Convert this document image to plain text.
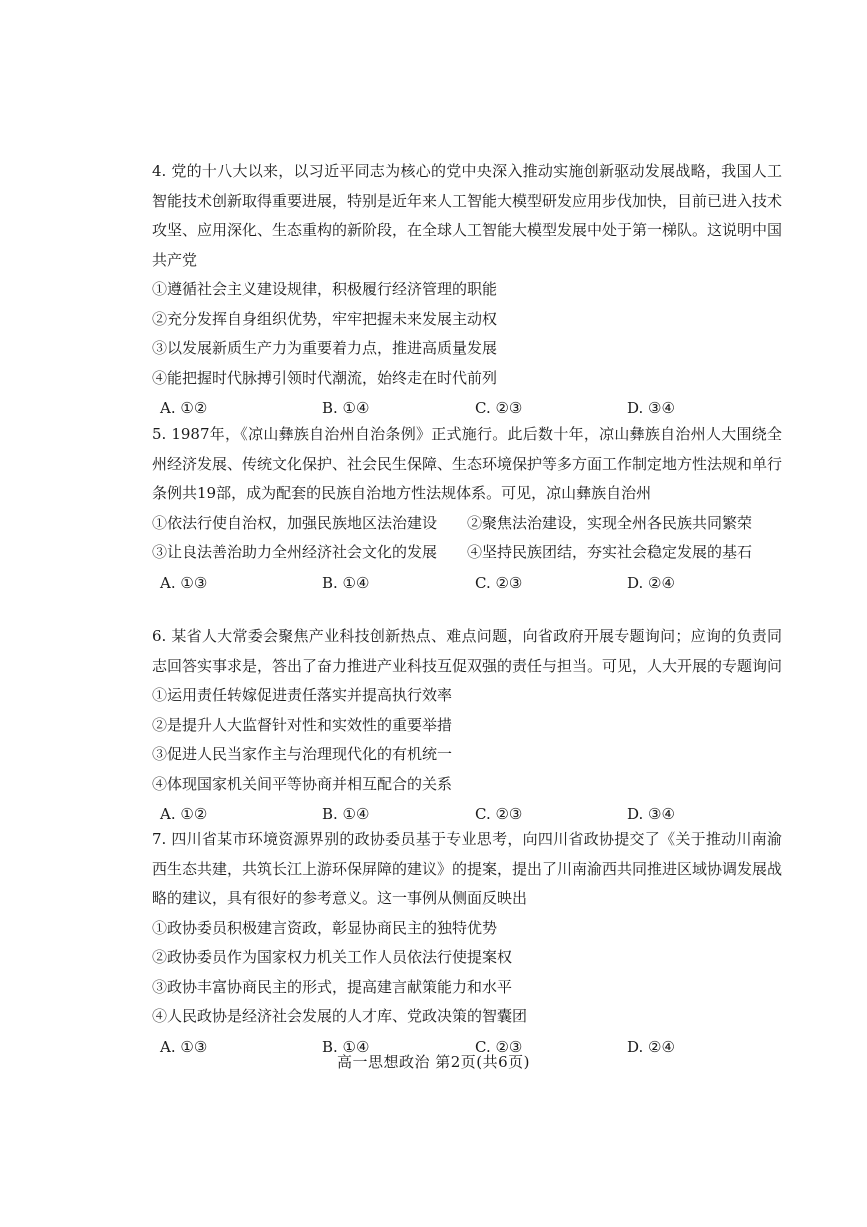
4. 党的十八大以来，以习近平同志为核心的党中央深入推动实施创新驱动发展战略，我国人工智能技术创新取得重要进展，特别是近年来人工智能大模型研发应用步伐加快，目前已进入技术攻坚、应用深化、生态重构的新阶段，在全球人工智能大模型发展中处于第一梯队。这说明中国共产党

①遵循社会主义建设规律，积极履行经济管理的职能

②充分发挥自身组织优势，牢牢把握未来发展主动权

③以发展新质生产力为重要着力点，推进高质量发展

④能把握时代脉搏引领时代潮流，始终走在时代前列

A. ①②	B. ①④	C. ②③	D. ③④

5. 1987年，《凉山彝族自治州自治条例》正式施行。此后数十年，凉山彝族自治州人大围绕全州经济发展、传统文化保护、社会民生保障、生态环境保护等多方面工作制定地方性法规和单行条例共19部，成为配套的民族自治地方性法规体系。可见，凉山彝族自治州

①依法行使自治权，加强民族地区法治建设	②聚焦法治建设，实现全州各民族共同繁荣
③让良法善治助力全州经济社会文化的发展	④坚持民族团结，夯实社会稳定发展的基石
A. ①③	B. ①④	C. ②③	D. ②④

6. 某省人大常委会聚焦产业科技创新热点、难点问题，向省政府开展专题询问；应询的负责同志回答实事求是，答出了奋力推进产业科技互促双强的责任与担当。可见，人大开展的专题询问

①运用责任转嫁促进责任落实并提高执行效率

②是提升人大监督针对性和实效性的重要举措

③促进人民当家作主与治理现代化的有机统一

④体现国家机关间平等协商并相互配合的关系

A. ①②	B. ①④	C. ②③	D. ③④

7. 四川省某市环境资源界别的政协委员基于专业思考，向四川省政协提交了《关于推动川南渝西生态共建，共筑长江上游环保屏障的建议》的提案，提出了川南渝西共同推进区域协调发展战略的建议，具有很好的参考意义。这一事例从侧面反映出

①政协委员积极建言资政，彰显协商民主的独特优势

②政协委员作为国家权力机关工作人员依法行使提案权

③政协丰富协商民主的形式，提高建言献策能力和水平

④人民政协是经济社会发展的人才库、党政决策的智囊团

A. ①③	B. ①④	C. ②③	D. ②④
高一思想政治 第2页(共6页)
